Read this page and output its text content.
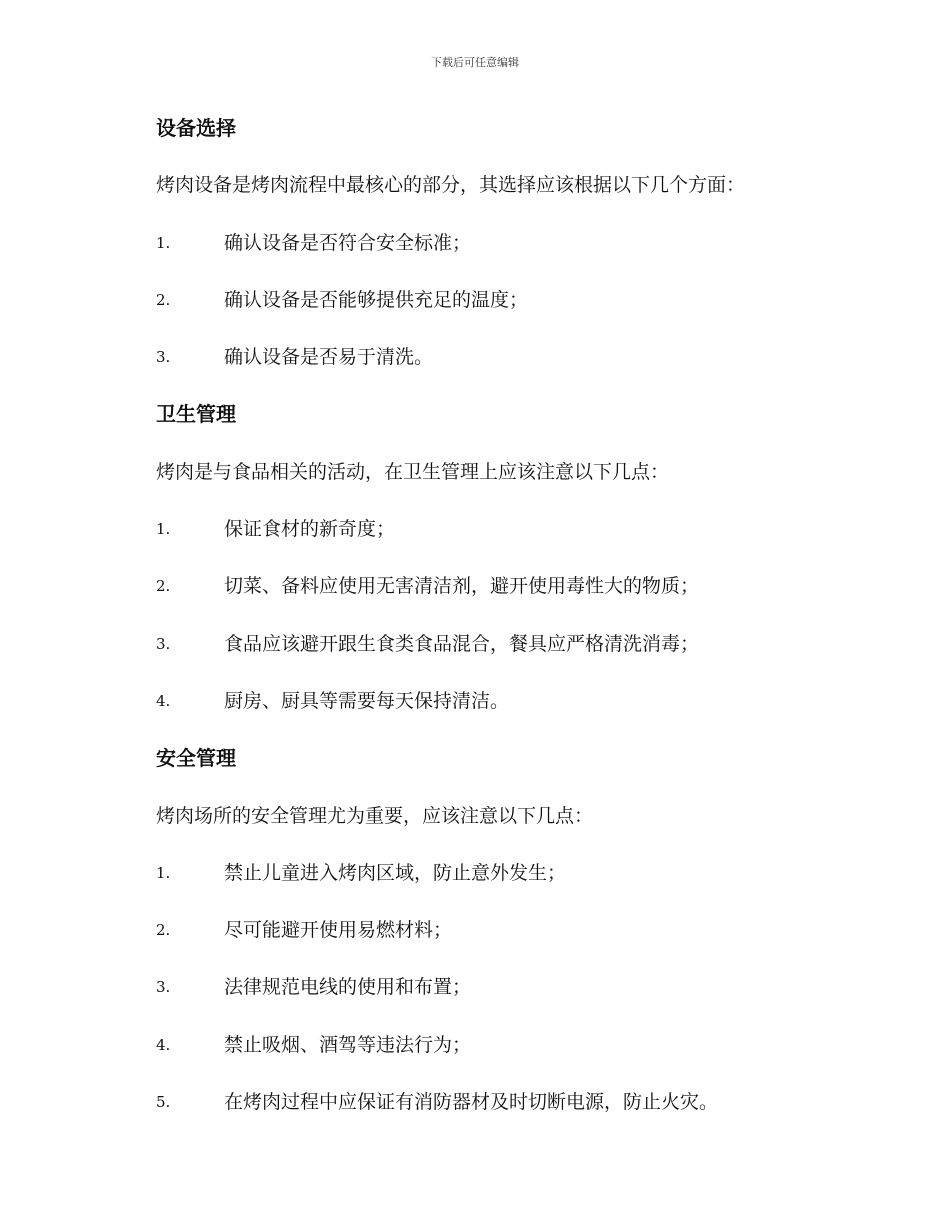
下载后可任意编辑
设备选择
烤肉设备是烤肉流程中最核心的部分，其选择应该根据以下几个方面：
1.	确认设备是否符合安全标准；
2.	确认设备是否能够提供充足的温度；
3.	确认设备是否易于清洗。
卫生管理
烤肉是与食品相关的活动，在卫生管理上应该注意以下几点：
1.	保证食材的新奇度；
2.	切菜、备料应使用无害清洁剂，避开使用毒性大的物质；
3.	食品应该避开跟生食类食品混合，餐具应严格清洗消毒；
4.	厨房、厨具等需要每天保持清洁。
安全管理
烤肉场所的安全管理尤为重要，应该注意以下几点：
1.	禁止儿童进入烤肉区域，防止意外发生；
2.	尽可能避开使用易燃材料；
3.	法律规范电线的使用和布置；
4.	禁止吸烟、酒驾等违法行为；
5.	在烤肉过程中应保证有消防器材及时切断电源，防止火灾。
